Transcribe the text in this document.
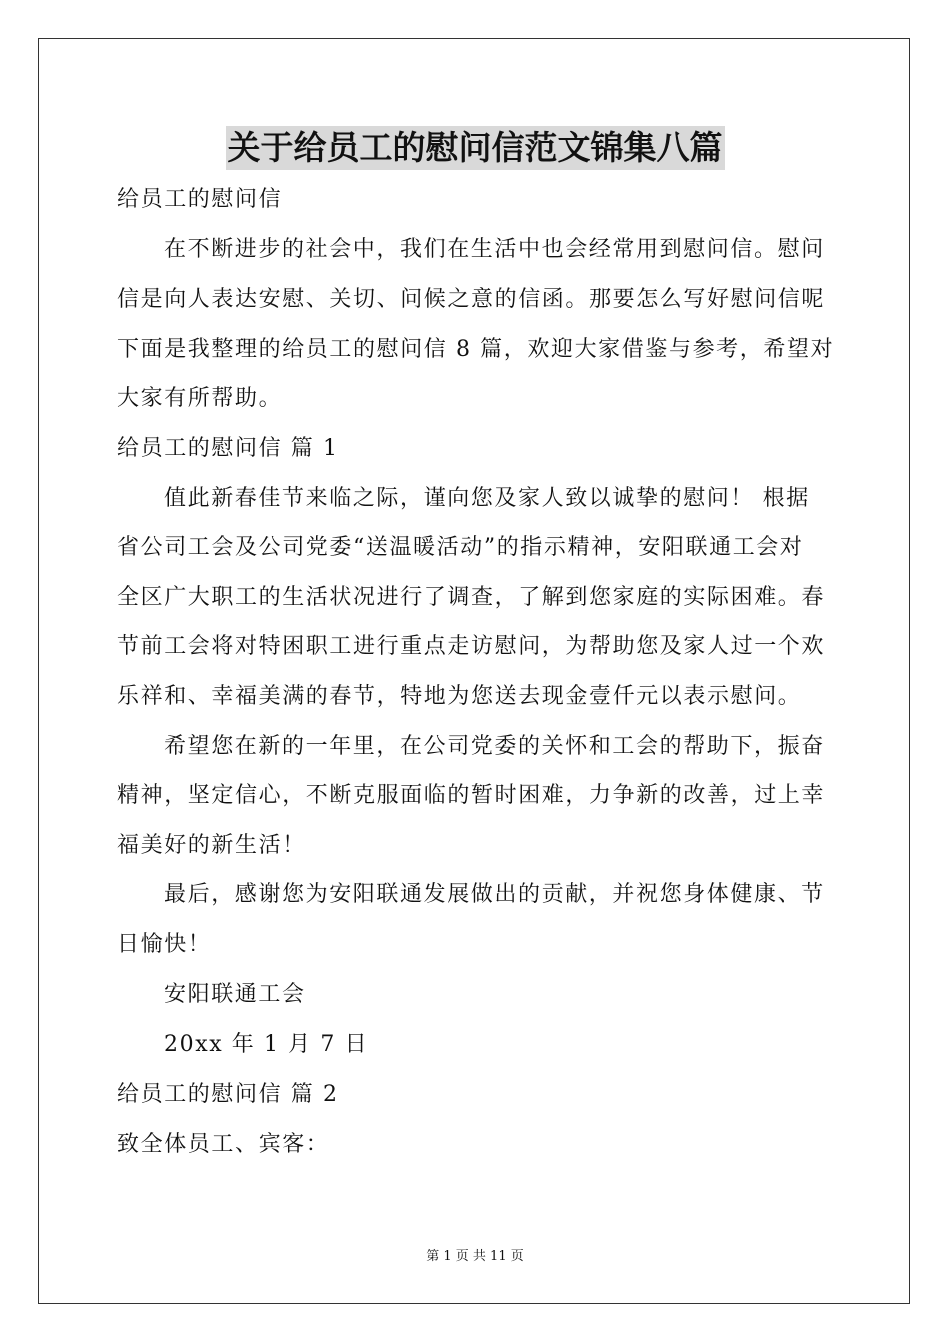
关于给员工的慰问信范文锦集八篇
给员工的慰问信
在不断进步的社会中，我们在生活中也会经常用到慰问信。慰问
信是向人表达安慰、关切、问候之意的信函。那要怎么写好慰问信呢
下面是我整理的给员工的慰问信 8 篇，欢迎大家借鉴与参考，希望对
大家有所帮助。
给员工的慰问信 篇 1
值此新春佳节来临之际，谨向您及家人致以诚挚的慰问！ 根据
省公司工会及公司党委“送温暖活动”的指示精神，安阳联通工会对
全区广大职工的生活状况进行了调查，了解到您家庭的实际困难。春
节前工会将对特困职工进行重点走访慰问，为帮助您及家人过一个欢
乐祥和、幸福美满的春节，特地为您送去现金壹仟元以表示慰问。
希望您在新的一年里，在公司党委的关怀和工会的帮助下，振奋
精神，坚定信心，不断克服面临的暂时困难，力争新的改善，过上幸
福美好的新生活！
最后，感谢您为安阳联通发展做出的贡献，并祝您身体健康、节
日愉快！
安阳联通工会
20xx 年 1 月 7 日
给员工的慰问信 篇 2
致全体员工、宾客：
第 1 页 共 11 页
